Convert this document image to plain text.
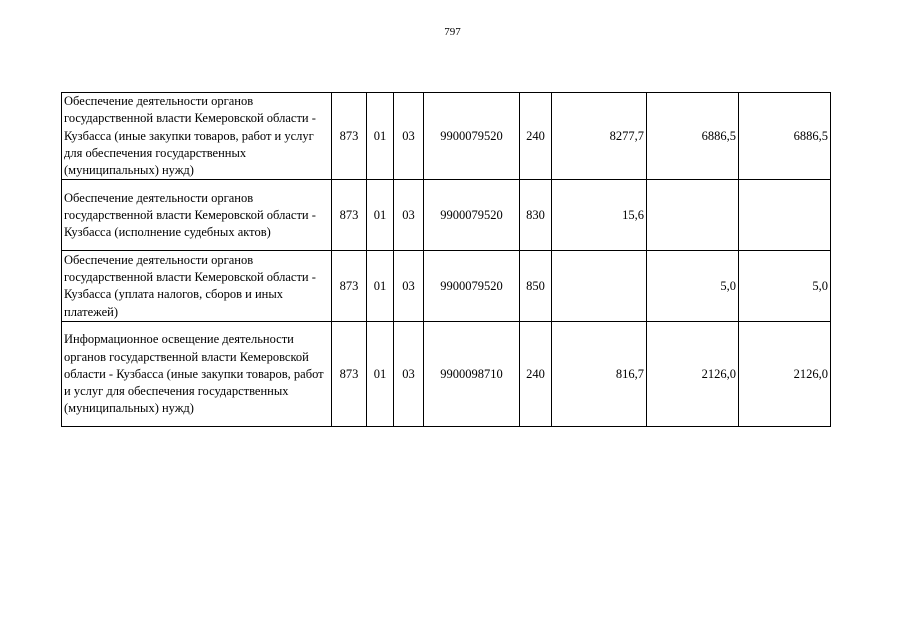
797
Обеспечение деятельности органов государственной власти Кемеровской области - Кузбасса (иные закупки товаров, работ и услуг для обеспечения государственных (муниципальных) нужд)	873	01	03	9900079520	240	8277,7	6886,5	6886,5
Обеспечение деятельности органов государственной власти Кемеровской области - Кузбасса (исполнение судебных актов)	873	01	03	9900079520	830	15,6		
Обеспечение деятельности органов государственной власти Кемеровской области - Кузбасса (уплата налогов, сборов и иных платежей)	873	01	03	9900079520	850		5,0	5,0
Информационное освещение деятельности органов государственной власти Кемеровской области - Кузбасса (иные закупки товаров, работ и услуг для обеспечения государственных (муниципальных) нужд)	873	01	03	9900098710	240	816,7	2126,0	2126,0
